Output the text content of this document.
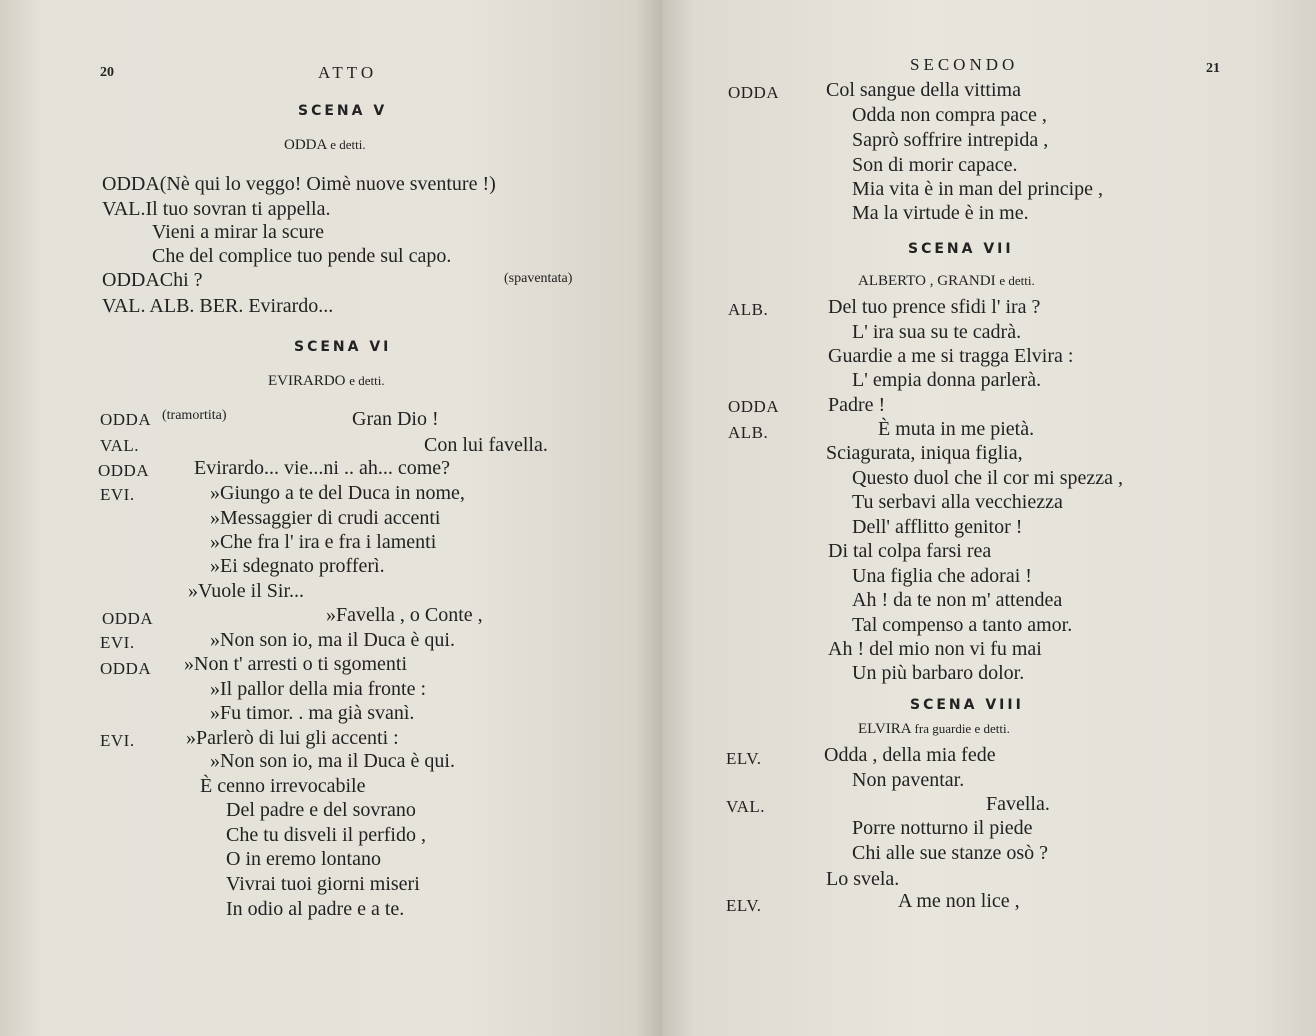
20	ATTO
SCENA V
ODDA e detti.
ODDA(Nè qui lo veggo! Oimè nuove sventure !)
VAL.Il tuo sovran ti appella.
Vieni a mirar la scure
Che del complice tuo pende sul capo.
ODDAChi ?	(spaventata)
VAL. ALB. BER. Evirardo...
SCENA VI
EVIRARDO e detti.
ODDA (tramortita)	Gran Dio !
VAL.	Con lui favella.
ODDA Evirardo... vie...ni .. ah... come?
EVI.	»Giungo a te del Duca in nome,
»Messaggier di crudi accenti
»Che fra l' ira e fra i lamenti
»Ei sdegnato profferì.
»Vuole il Sir...
ODDA	»Favella , o Conte ,
EVI.	»Non son io, ma il Duca è qui.
ODDA »Non t' arresti o ti sgomenti
»Il pallor della mia fronte :
»Fu timor. . ma già svanì.
EVI.	»Parlerò di lui gli accenti :
»Non son io, ma il Duca è qui.
È cenno irrevocabile
Del padre e del sovrano
Che tu disveli il perfido ,
O in eremo lontano
Vivrai tuoi giorni miseri
In odio al padre e a te.
SECONDO	21
ODDA Col sangue della vittima
Odda non compra pace ,
Saprò soffrire intrepida ,
Son di morir capace.
Mia vita è in man del principe ,
Ma la virtude è in me.
SCENA VII
ALBERTO , GRANDI e detti.
ALB.	Del tuo prence sfidi l' ira ?
L' ira sua su te cadrà.
Guardie a me si tragga Elvira :
L' empia donna parlerà.
ODDA Padre !
ALB.	È muta in me pietà.
Sciagurata, iniqua figlia,
Questo duol che il cor mi spezza ,
Tu serbavi alla vecchiezza
Dell' afflitto genitor !
Di tal colpa farsi rea
Una figlia che adorai !
Ah ! da te non m' attendea
Tal compenso a tanto amor.
Ah ! del mio non vi fu mai
Un più barbaro dolor.
SCENA VIII
ELVIRA fra guardie e detti.
ELV.	Odda , della mia fede
Non paventar.
VAL.	Favella.
Porre notturno il piede
Chi alle sue stanze osò ?
Lo svela.
ELV.	A me non lice ,
